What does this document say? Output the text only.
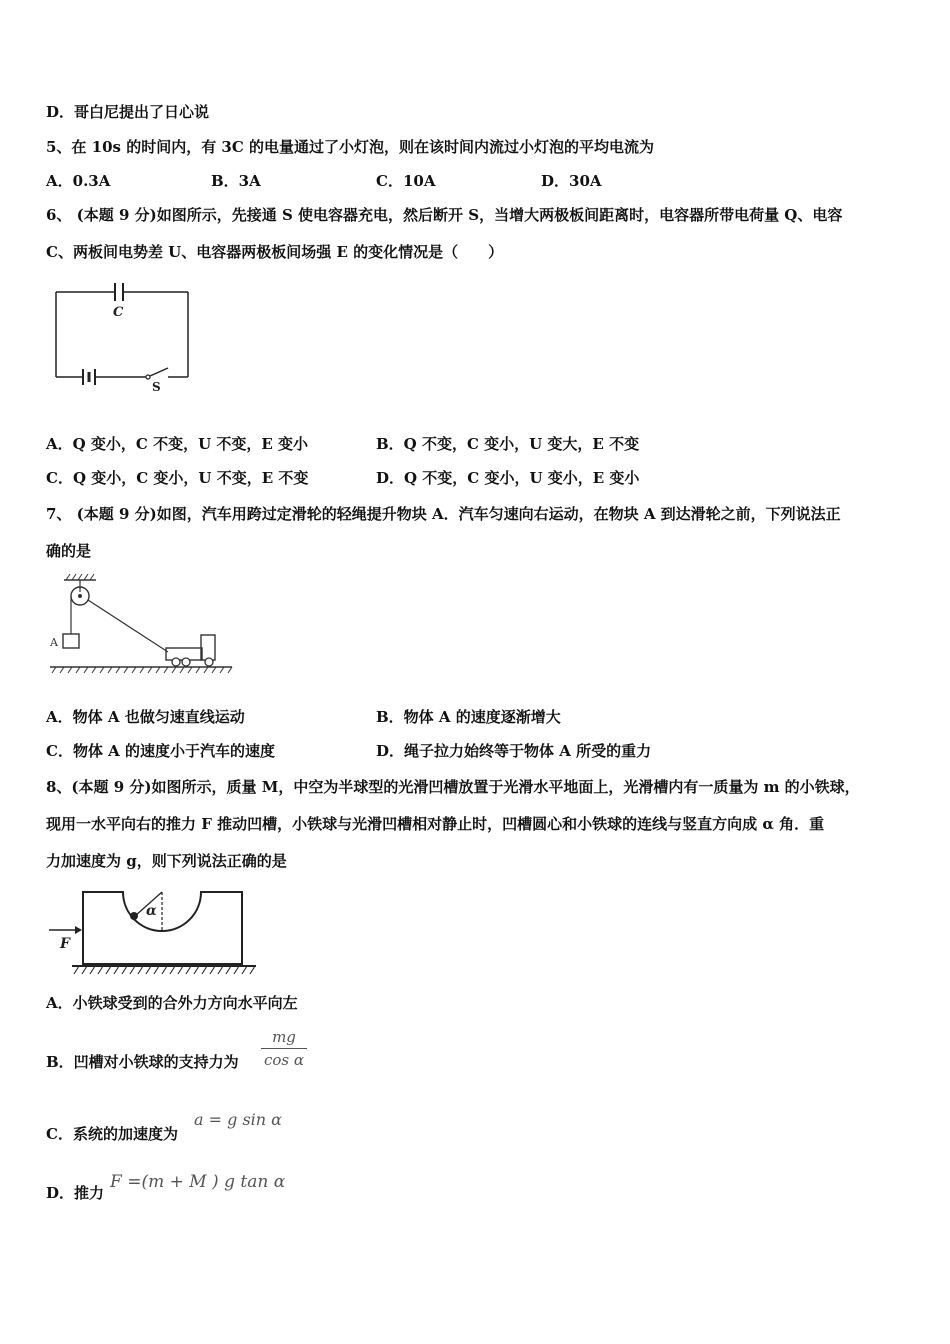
D．哥白尼提出了日心说
5、在 10s 的时间内，有 3C 的电量通过了小灯泡，则在该时间内流过小灯泡的平均电流为
A．0.3A	B．3A	C．10A	D．30A
6、 (本题 9 分)如图所示，先接通 S 使电容器充电，然后断开 S，当增大两极板间距离时，电容器所带电荷量 Q、电容
C、两板间电势差 U、电容器两极板间场强 E 的变化情况是（　　）
C
S
A．Q 变小，C 不变，U 不变，E 变小	B．Q 不变，C 变小，U 变大，E 不变
C．Q 变小，C 变小，U 不变，E 不变	D．Q 不变，C 变小，U 变小，E 变小
7、 (本题 9 分)如图，汽车用跨过定滑轮的轻绳提升物块 A．汽车匀速向右运动，在物块 A 到达滑轮之前，下列说法正
确的是
A
A．物体 A 也做匀速直线运动	B．物体 A 的速度逐渐增大
C．物体 A 的速度小于汽车的速度	D．绳子拉力始终等于物体 A 所受的重力
8、(本题 9 分)如图所示，质量 M，中空为半球型的光滑凹槽放置于光滑水平地面上，光滑槽内有一质量为 m 的小铁球，
现用一水平向右的推力 F 推动凹槽，小铁球与光滑凹槽相对静止时，凹槽圆心和小铁球的连线与竖直方向成 α 角．重
力加速度为 g，则下列说法正确的是
α
F
A．小铁球受到的合外力方向水平向左
B．凹槽对小铁球的支持力为
mg
cos α
C．系统的加速度为
a = g sin α
D．推力
F =(m + M ) g tan α
